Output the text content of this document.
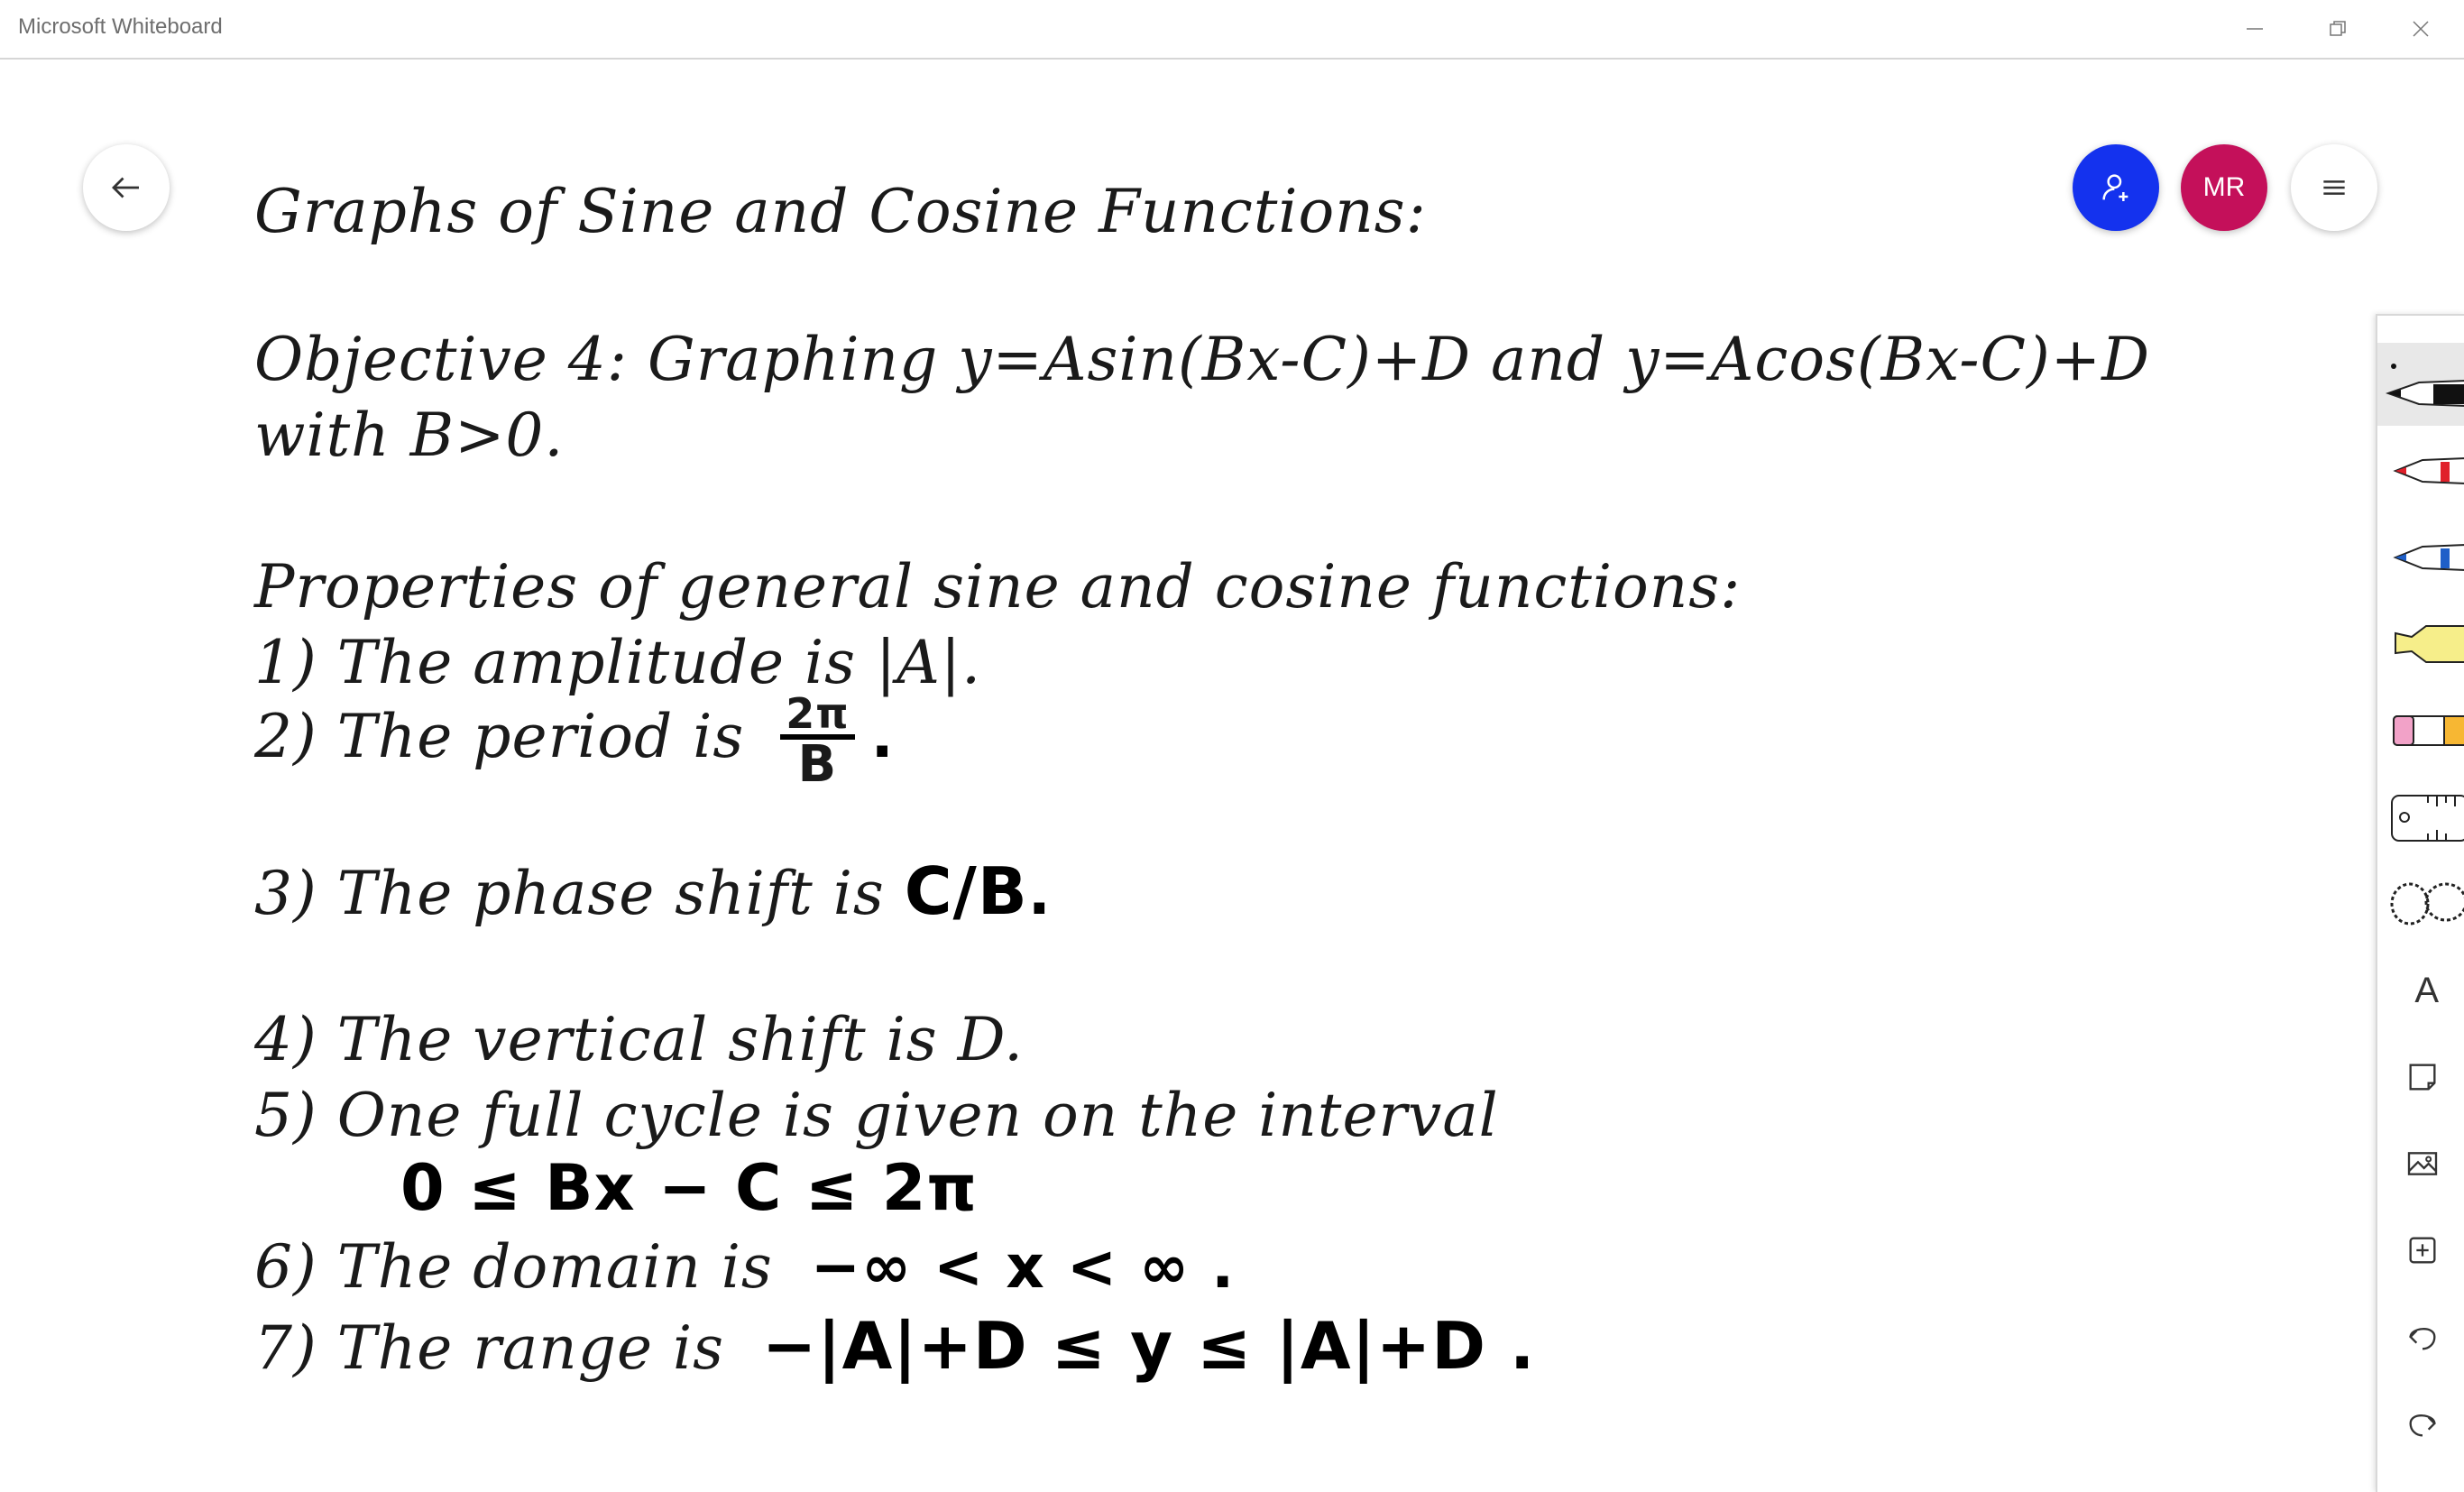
Microsoft Whiteboard
MR
Graphs of Sine and Cosine Functions:
Objective 4: Graphing y=Asin(Bx-C)+D and y=Acos(Bx-C)+D
with B>0.
Properties of general sine and cosine functions:
1) The amplitude is |A|.
2) The period is $\frac{2\pi}{B}$ .
3) The phase shift is C/B.
4) The vertical shift is D.
5) One full cycle is given on the interval
0 ≤ Bx − C ≤ 2π
6) The domain is −∞ < x < ∞ .
7) The range is −|A|+D ≤ y ≤ |A|+D .
A
